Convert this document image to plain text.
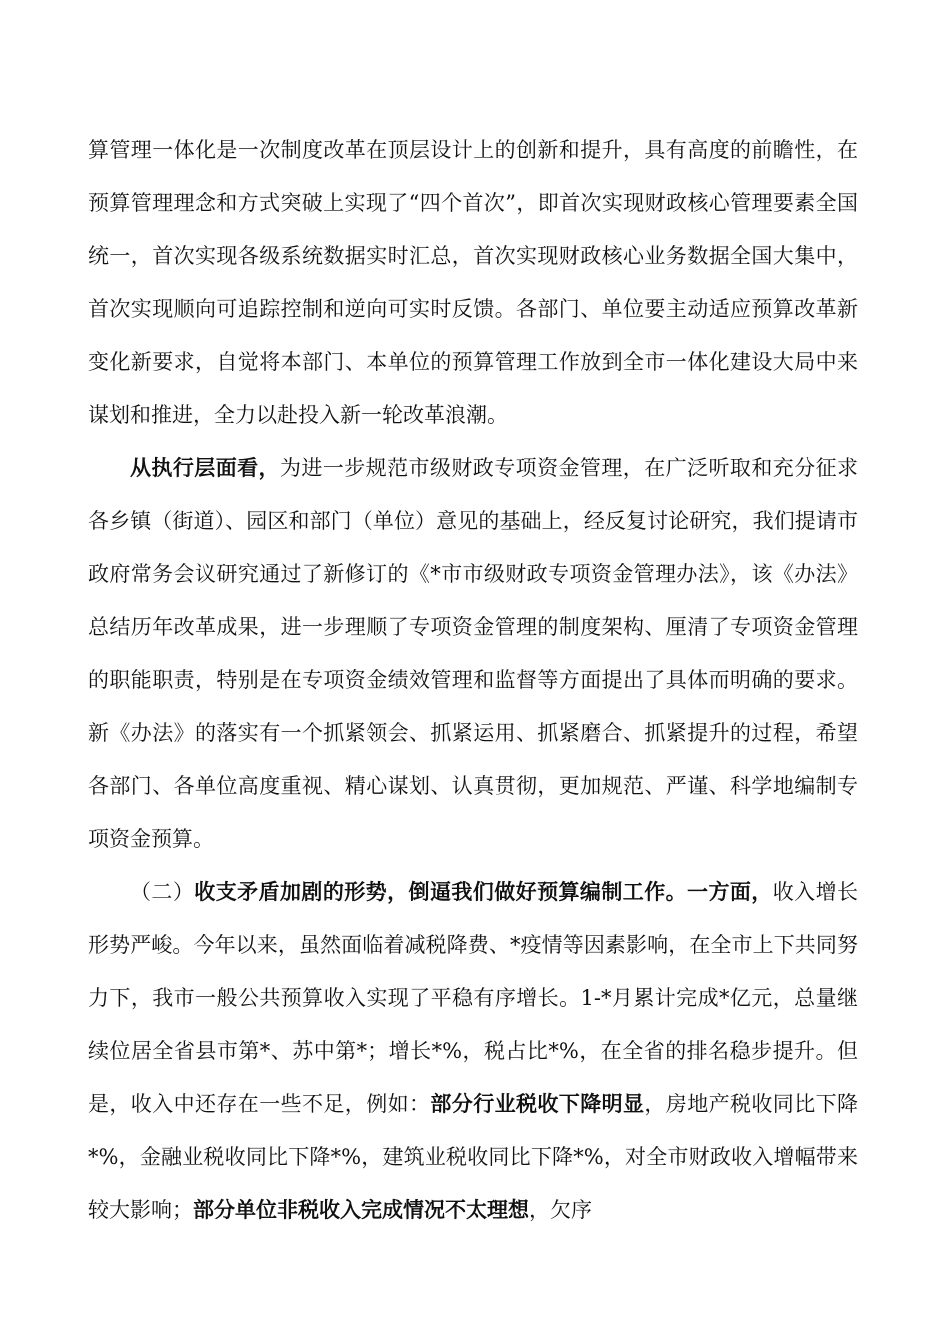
算管理一体化是一次制度改革在顶层设计上的创新和提升，具有高度的前瞻性，在预算管理理念和方式突破上实现了“四个首次”，即首次实现财政核心管理要素全国统一，首次实现各级系统数据实时汇总，首次实现财政核心业务数据全国大集中，首次实现顺向可追踪控制和逆向可实时反馈。各部门、单位要主动适应预算改革新变化新要求，自觉将本部门、本单位的预算管理工作放到全市一体化建设大局中来谋划和推进，全力以赴投入新一轮改革浪潮。

从执行层面看，为进一步规范市级财政专项资金管理，在广泛听取和充分征求各乡镇（街道）、园区和部门（单位）意见的基础上，经反复讨论研究，我们提请市政府常务会议研究通过了新修订的《*市市级财政专项资金管理办法》，该《办法》总结历年改革成果，进一步理顺了专项资金管理的制度架构、厘清了专项资金管理的职能职责，特别是在专项资金绩效管理和监督等方面提出了具体而明确的要求。新《办法》的落实有一个抓紧领会、抓紧运用、抓紧磨合、抓紧提升的过程，希望各部门、各单位高度重视、精心谋划、认真贯彻，更加规范、严谨、科学地编制专项资金预算。

（二）收支矛盾加剧的形势，倒逼我们做好预算编制工作。一方面，收入增长形势严峻。今年以来，虽然面临着减税降费、*疫情等因素影响，在全市上下共同努力下，我市一般公共预算收入实现了平稳有序增长。1-*月累计完成*亿元，总量继续位居全省县市第*、苏中第*；增长*%，税占比*%，在全省的排名稳步提升。但是，收入中还存在一些不足，例如：部分行业税收下降明显，房地产税收同比下降*%，金融业税收同比下降*%，建筑业税收同比下降*%，对全市财政收入增幅带来较大影响；部分单位非税收入完成情况不太理想，欠序
